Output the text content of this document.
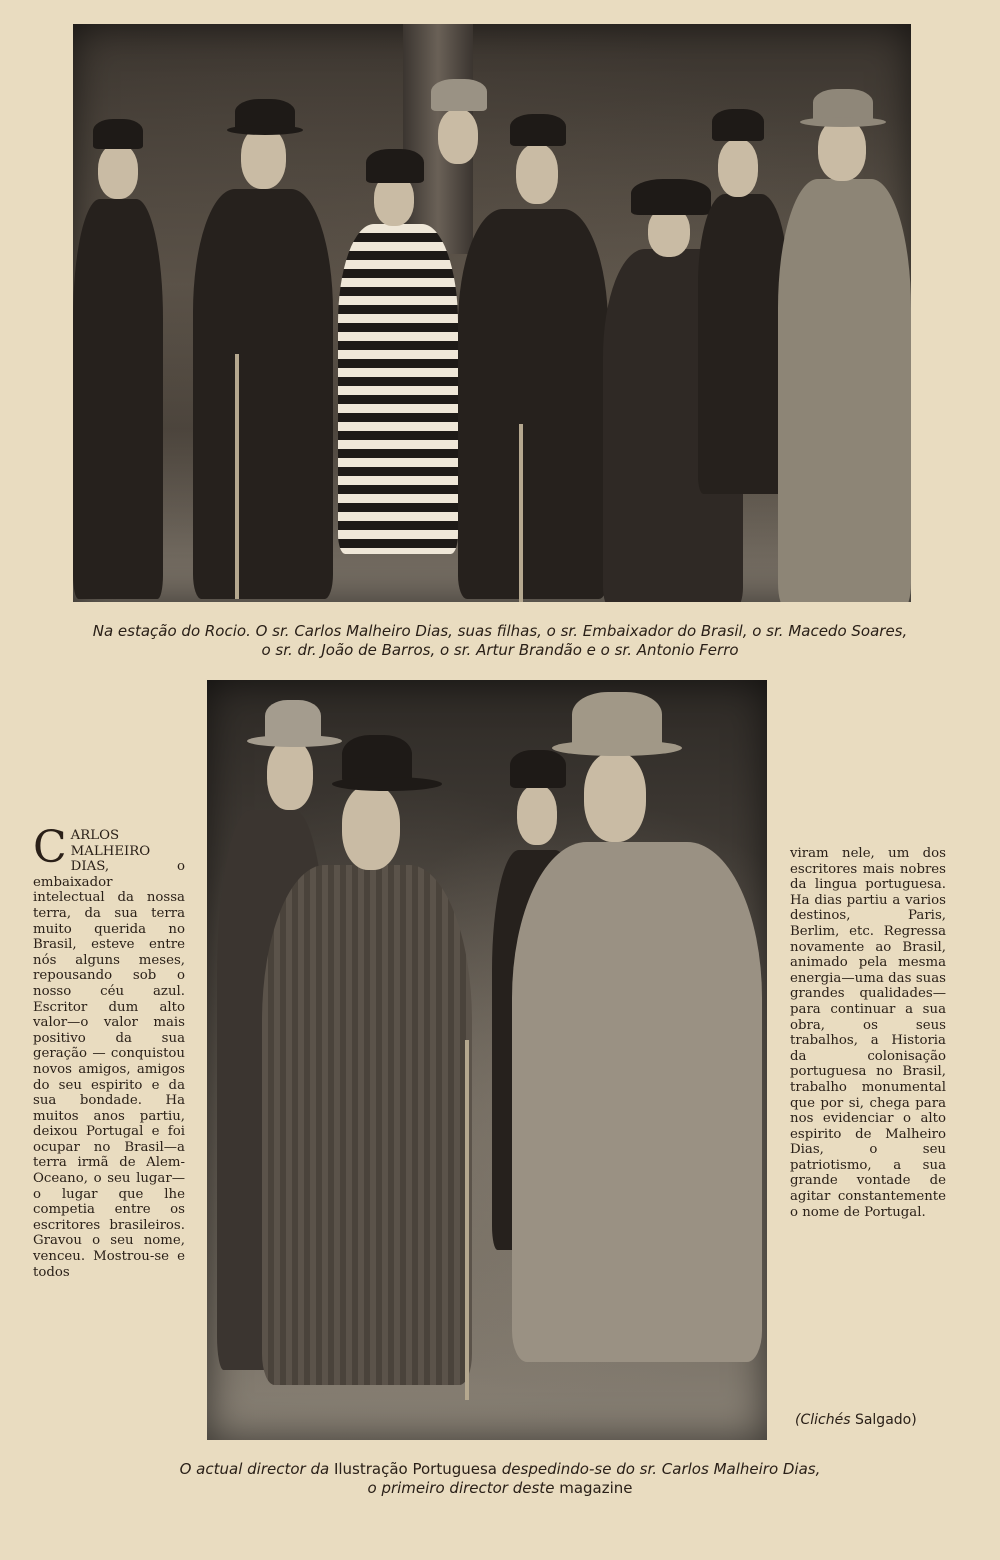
Na estação do Rocio. O sr. Carlos Malheiro Dias, suas filhas, o sr. Embaixador do Brasil, o sr. Macedo Soares,
o sr. dr. João de Barros, o sr. Artur Brandão e o sr. Antonio Ferro
CARLOS MALHEIRO DIAS, o embaixador intelectual da nossa terra, da sua terra muito querida no Brasil, esteve entre nós alguns meses, repousando sob o nosso céu azul. Escritor dum alto valor—o valor mais positivo da sua geração — conquistou novos amigos, amigos do seu espirito e da sua bondade. Ha muitos anos partiu, deixou Portugal e foi ocupar no Brasil—a terra irmã de Alem-Oceano, o seu lugar—o lugar que lhe competia entre os escritores brasileiros. Gravou o seu nome, venceu. Mostrou-se e todos
viram nele, um dos escritores mais nobres da lingua portuguesa. Ha dias partiu a varios destinos, Paris, Berlim, etc. Regressa novamente ao Brasil, animado pela mesma energia—uma das suas grandes qualidades—para continuar a sua obra, os seus trabalhos, a Historia da colonisação portuguesa no Brasil, trabalho monumental que por si, chega para nos evidenciar o alto espirito de Malheiro Dias, o seu patriotismo, a sua grande vontade de agitar constantemente o nome de Portugal.
(Clichés Salgado)
O actual director da Ilustração Portuguesa despedindo-se do sr. Carlos Malheiro Dias,
o primeiro director deste magazine
